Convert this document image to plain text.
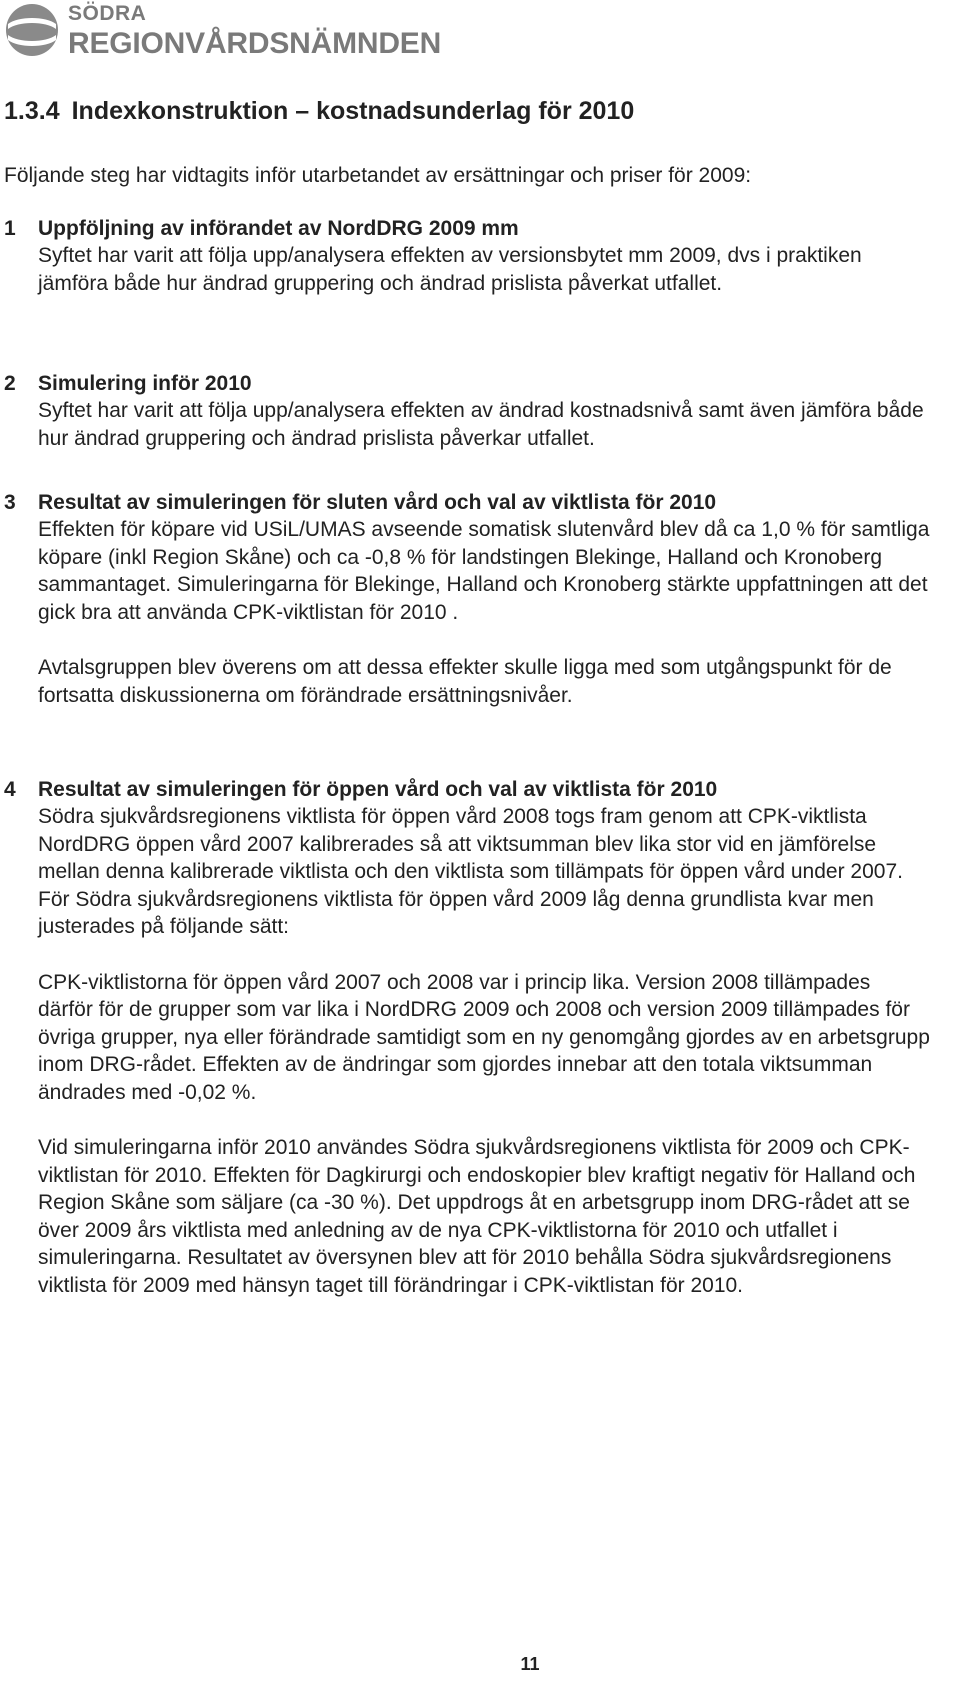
SÖDRA
REGIONVÅRDSNÄMNDEN
1.3.4 Indexkonstruktion – kostnadsunderlag för 2010

Följande steg har vidtagits inför utarbetandet av ersättningar och priser för 2009:

1 Uppföljning av införandet av NordDRG 2009 mm

Syftet har varit att följa upp/analysera effekten av versionsbytet mm 2009, dvs i praktiken jämföra både hur ändrad gruppering och ändrad prislista påverkat utfallet.

2 Simulering inför 2010

Syftet har varit att följa upp/analysera effekten av ändrad kostnadsnivå samt även jämföra både hur ändrad gruppering och ändrad prislista påverkar utfallet.

3 Resultat av simuleringen för sluten vård och val av viktlista för 2010

Effekten för köpare vid USiL/UMAS avseende somatisk slutenvård blev då ca 1,0 % för samtliga köpare (inkl Region Skåne) och ca -0,8 % för landstingen Blekinge, Halland och Kronoberg sammantaget. Simuleringarna för Blekinge, Halland och Kronoberg stärkte uppfattningen att det gick bra att använda CPK-viktlistan för 2010 .

Avtalsgruppen blev överens om att dessa effekter skulle ligga med som utgångspunkt för de fortsatta diskussionerna om förändrade ersättningsnivåer.

4 Resultat av simuleringen för öppen vård och val av viktlista för 2010

Södra sjukvårdsregionens viktlista för öppen vård 2008 togs fram genom att CPK-viktlista NordDRG öppen vård 2007 kalibrerades så att viktsumman blev lika stor vid en jämförelse mellan denna kalibrerade viktlista och den viktlista som tillämpats för öppen vård under 2007. För Södra sjukvårdsregionens viktlista för öppen vård 2009 låg denna grundlista kvar men justerades på följande sätt:

CPK-viktlistorna för öppen vård 2007 och 2008 var i princip lika. Version 2008 tillämpades därför för de grupper som var lika i NordDRG 2009 och 2008 och version 2009 tillämpades för övriga grupper, nya eller förändrade samtidigt som en ny genomgång gjordes av en arbetsgrupp inom DRG-rådet. Effekten av de ändringar som gjordes innebar att den totala viktsumman ändrades med -0,02 %.

Vid simuleringarna inför 2010 användes Södra sjukvårdsregionens viktlista för 2009 och CPK-viktlistan för 2010. Effekten för Dagkirurgi och endoskopier blev kraftigt negativ för Halland och Region Skåne som säljare (ca -30 %). Det uppdrogs åt en arbetsgrupp inom DRG-rådet att se över 2009 års viktlista med anledning av de nya CPK-viktlistorna för 2010 och utfallet i simuleringarna. Resultatet av översynen blev att för 2010 behålla Södra sjukvårdsregionens viktlista för 2009 med hänsyn taget till förändringar i CPK-viktlistan för 2010.

11
